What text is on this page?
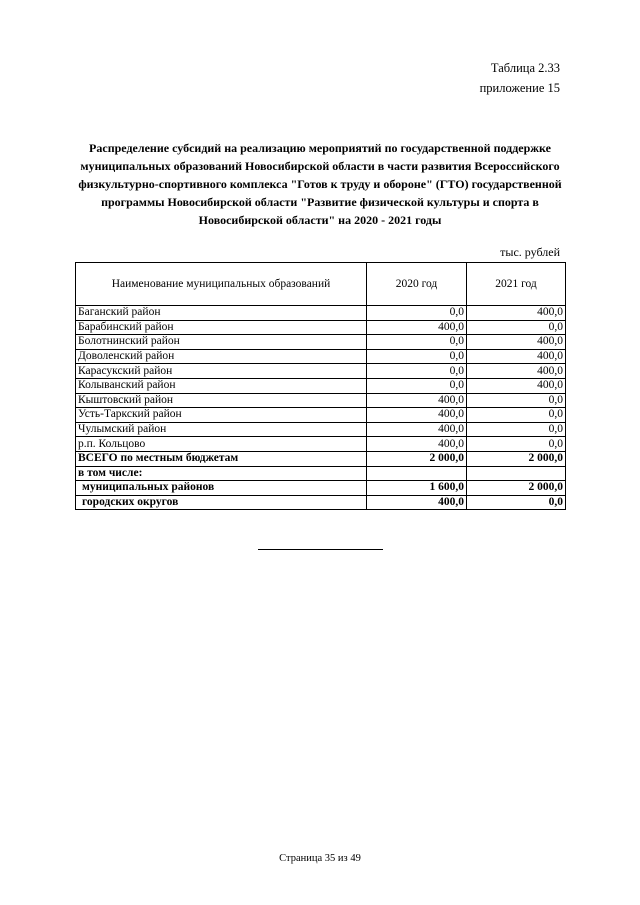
Таблица 2.33
приложение 15
Распределение субсидий на реализацию мероприятий по государственной поддержке муниципальных образований Новосибирской области в части развития Всероссийского физкультурно-спортивного комплекса "Готов к труду и обороне" (ГТО) государственной программы Новосибирской области "Развитие физической культуры и спорта в Новосибирской области" на 2020 - 2021 годы
тыс. рублей
Наименование муниципальных образований	2020 год	2021 год
Баганский район	0,0	400,0
Барабинский район	400,0	0,0
Болотнинский район	0,0	400,0
Доволенский район	0,0	400,0
Карасукский район	0,0	400,0
Колыванский район	0,0	400,0
Кыштовский район	400,0	0,0
Усть-Таркский район	400,0	0,0
Чулымский район	400,0	0,0
р.п. Кольцово	400,0	0,0
ВСЕГО по местным бюджетам	2 000,0	2 000,0
в том числе:		
муниципальных районов	1 600,0	2 000,0
городских округов	400,0	0,0
Страница 35 из 49
